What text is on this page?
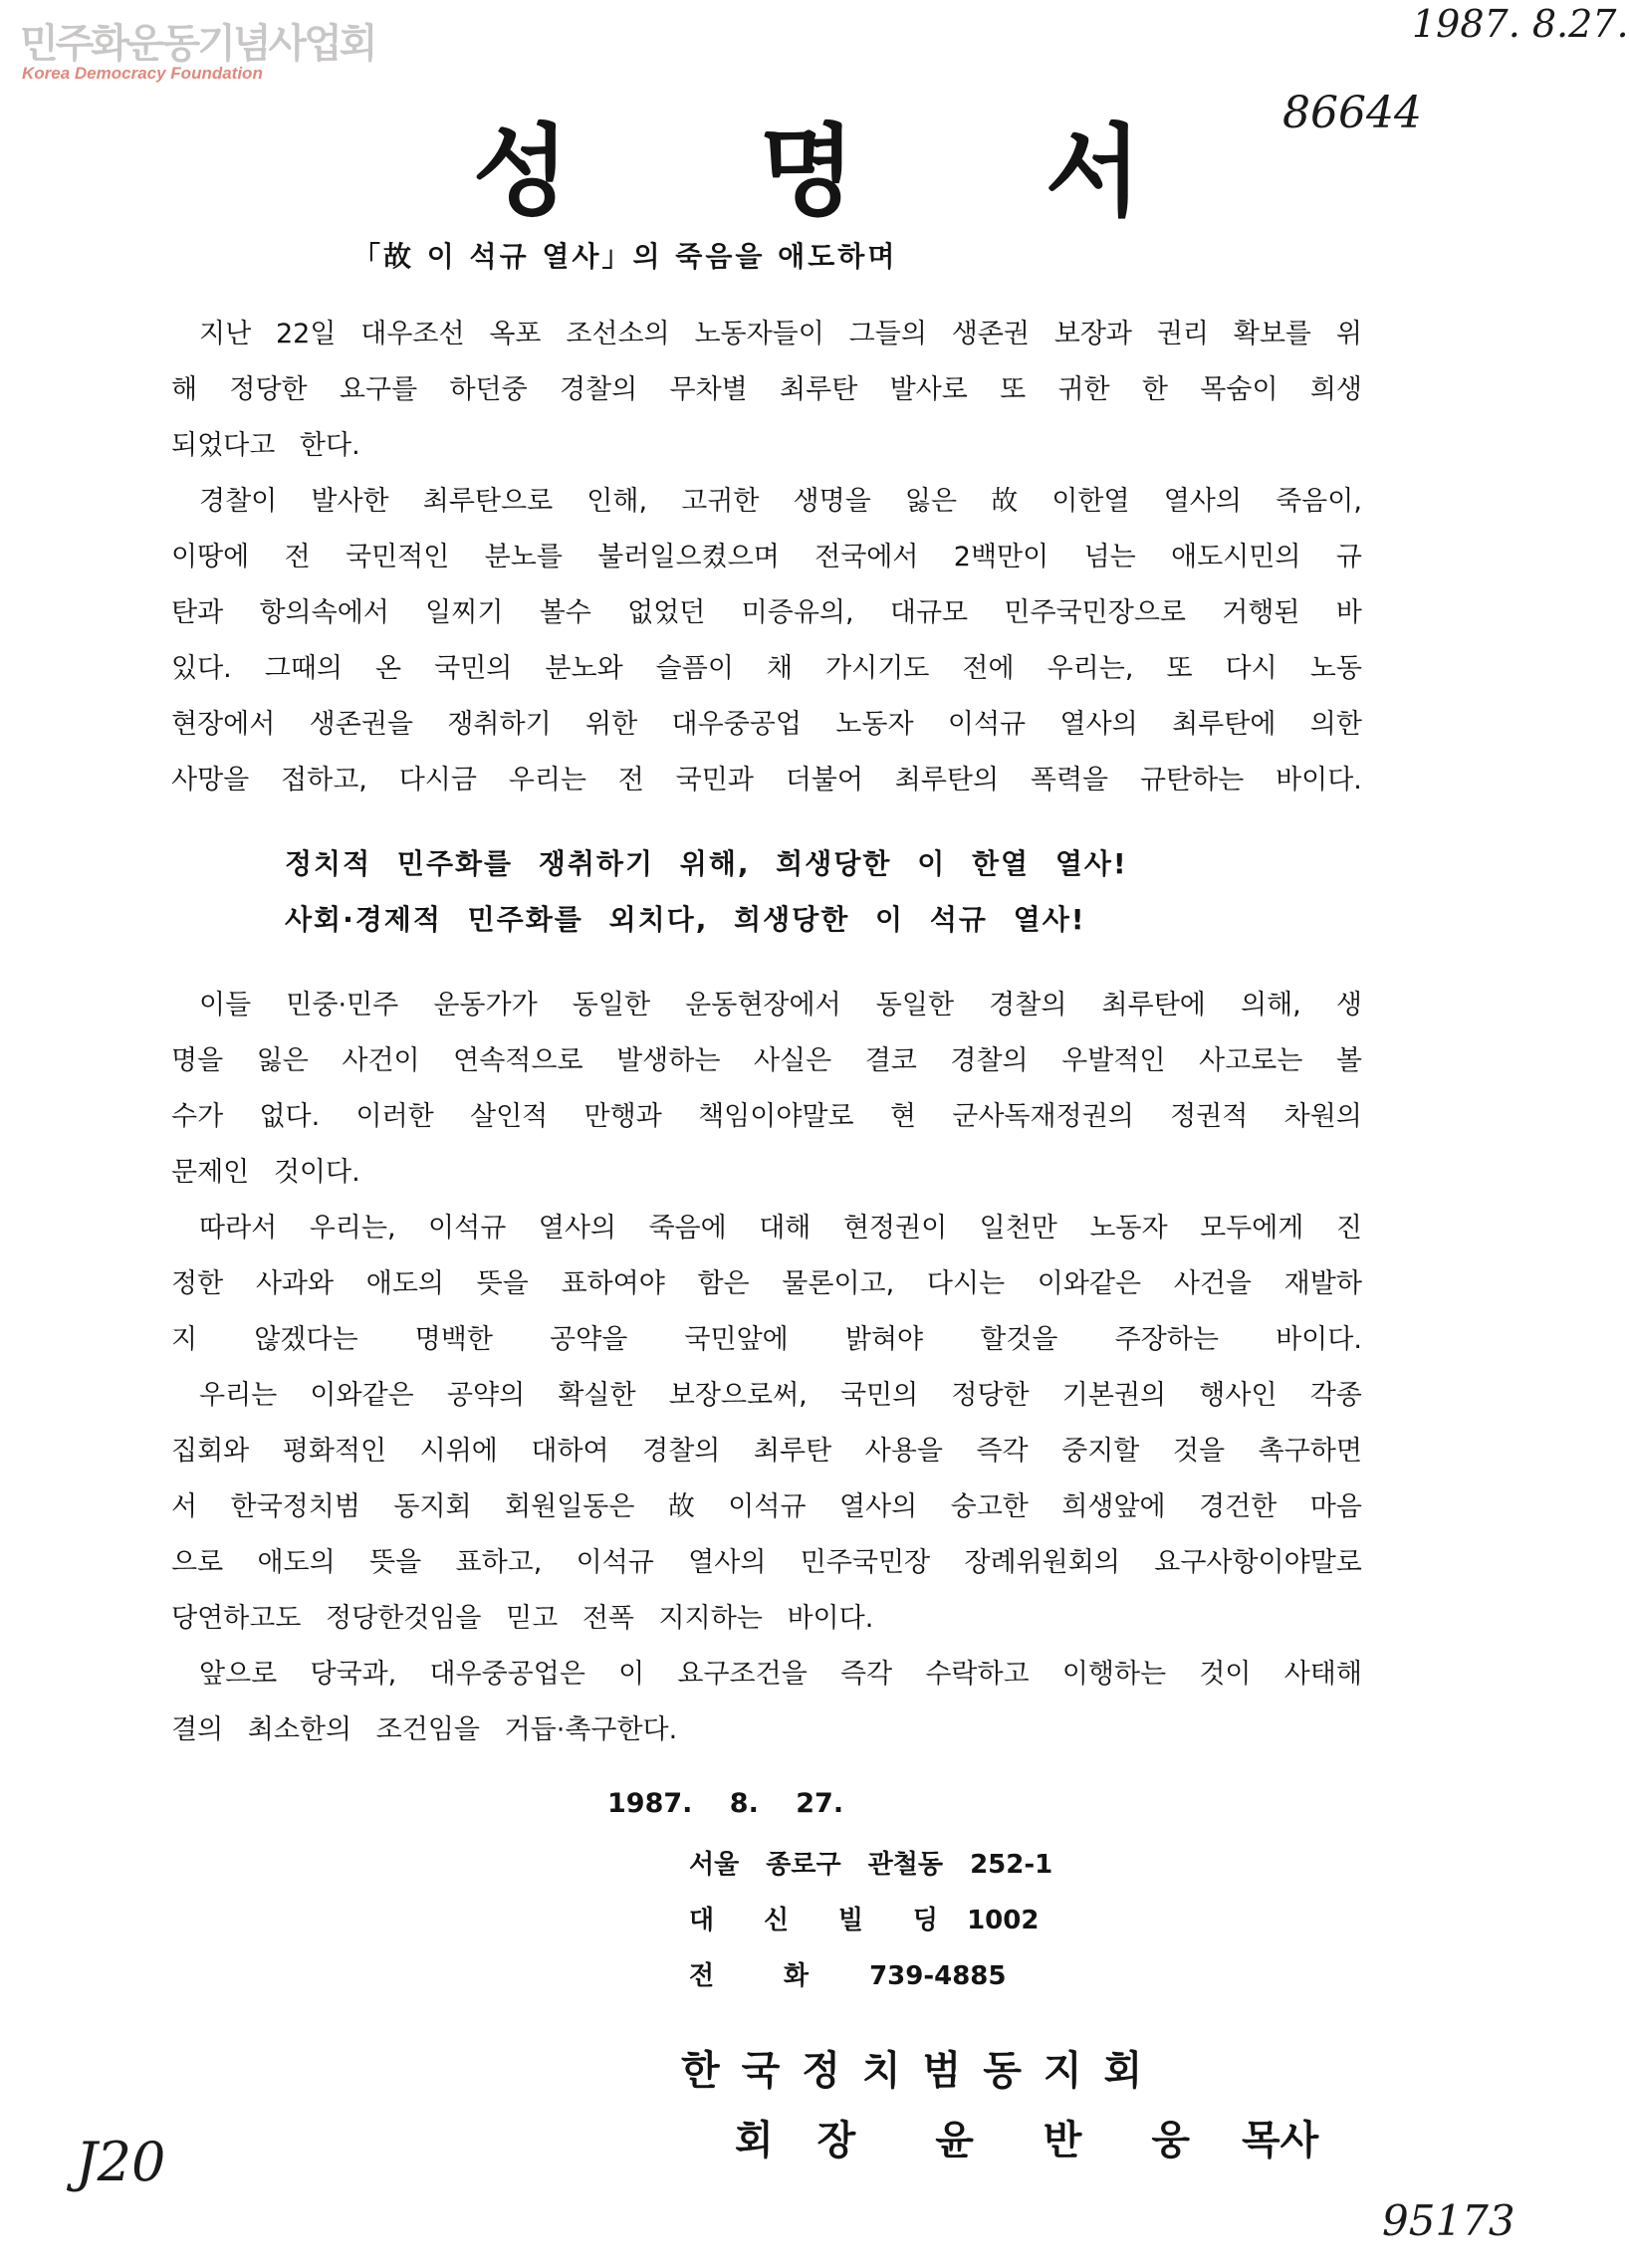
민주화운동기념사업회
Korea Democracy Foundation
1987. 8.27.
86644
성 명 서
「故 이 석규 열사」의 죽음을 애도하며
지난 22일 대우조선 옥포 조선소의 노동자들이 그들의 생존권 보장과 권리 확보를 위
해 정당한 요구를 하던중 경찰의 무차별 최루탄 발사로 또 귀한 한 목숨이 희생
되었다고 한다.
경찰이 발사한 최루탄으로 인해, 고귀한 생명을 잃은 故 이한열 열사의 죽음이,
이땅에 전 국민적인 분노를 불러일으켰으며 전국에서 2백만이 넘는 애도시민의 규
탄과 항의속에서 일찌기 볼수 없었던 미증유의, 대규모 민주국민장으로 거행된 바
있다. 그때의 온 국민의 분노와 슬픔이 채 가시기도 전에 우리는, 또 다시 노동
현장에서 생존권을 쟁취하기 위한 대우중공업 노동자 이석규 열사의 최루탄에 의한
사망을 접하고, 다시금 우리는 전 국민과 더불어 최루탄의 폭력을 규탄하는 바이다.
정치적 민주화를 쟁취하기 위해, 희생당한 이 한열 열사!
사회·경제적 민주화를 외치다, 희생당한 이 석규 열사!
이들 민중·민주 운동가가 동일한 운동현장에서 동일한 경찰의 최루탄에 의해, 생
명을 잃은 사건이 연속적으로 발생하는 사실은 결코 경찰의 우발적인 사고로는 볼
수가 없다. 이러한 살인적 만행과 책임이야말로 현 군사독재정권의 정권적 차원의
문제인 것이다.
따라서 우리는, 이석규 열사의 죽음에 대해 현정권이 일천만 노동자 모두에게 진
정한 사과와 애도의 뜻을 표하여야 함은 물론이고, 다시는 이와같은 사건을 재발하
지 않겠다는 명백한 공약을 국민앞에 밝혀야 할것을 주장하는 바이다.
우리는 이와같은 공약의 확실한 보장으로써, 국민의 정당한 기본권의 행사인 각종
집회와 평화적인 시위에 대하여 경찰의 최루탄 사용을 즉각 중지할 것을 촉구하면
서 한국정치범 동지회 회원일동은 故 이석규 열사의 숭고한 희생앞에 경건한 마음
으로 애도의 뜻을 표하고, 이석규 열사의 민주국민장 장례위원회의 요구사항이야말로
당연하고도 정당한것임을 믿고 전폭 지지하는 바이다.
앞으로 당국과, 대우중공업은 이 요구조건을 즉각 수락하고 이행하는 것이 사태해
결의 최소한의 조건임을 거듭·촉구한다.
1987. 8. 27.
서울 종로구 관철동 252-1
대 신 빌 딩 1002
전	화 739-4885
한국정치범동지회
회 장 윤 반 웅 목사
J20
95173
